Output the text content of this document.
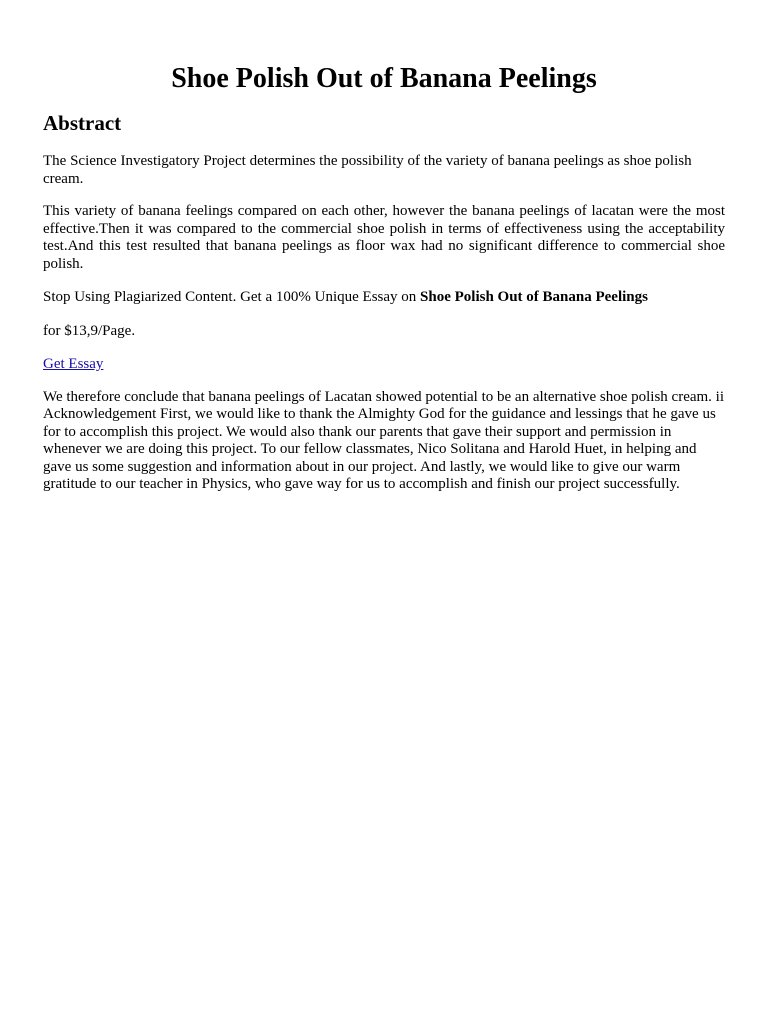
Shoe Polish Out of Banana Peelings
Abstract

The Science Investigatory Project determines the possibility of the variety of banana peelings as shoe polish cream.

This variety of banana feelings compared on each other, however the banana peelings of lacatan were the most effective.Then it was compared to the commercial shoe polish in terms of effectiveness using the acceptability test.And this test resulted that banana peelings as floor wax had no significant difference to commercial shoe polish.

Stop Using Plagiarized Content. Get a 100% Unique Essay on Shoe Polish Out of Banana Peelings

for $13,9/Page.

Get Essay

We therefore conclude that banana peelings of Lacatan showed potential to be an alternative shoe polish cream. ii Acknowledgement First, we would like to thank the Almighty God for the guidance and lessings that he gave us for to accomplish this project. We would also thank our parents that gave their support and permission in whenever we are doing this project. To our fellow classmates, Nico Solitana and Harold Huet, in helping and gave us some suggestion and information about in our project. And lastly, we would like to give our warm gratitude to our teacher in Physics, who gave way for us to accomplish and finish our project successfully.
